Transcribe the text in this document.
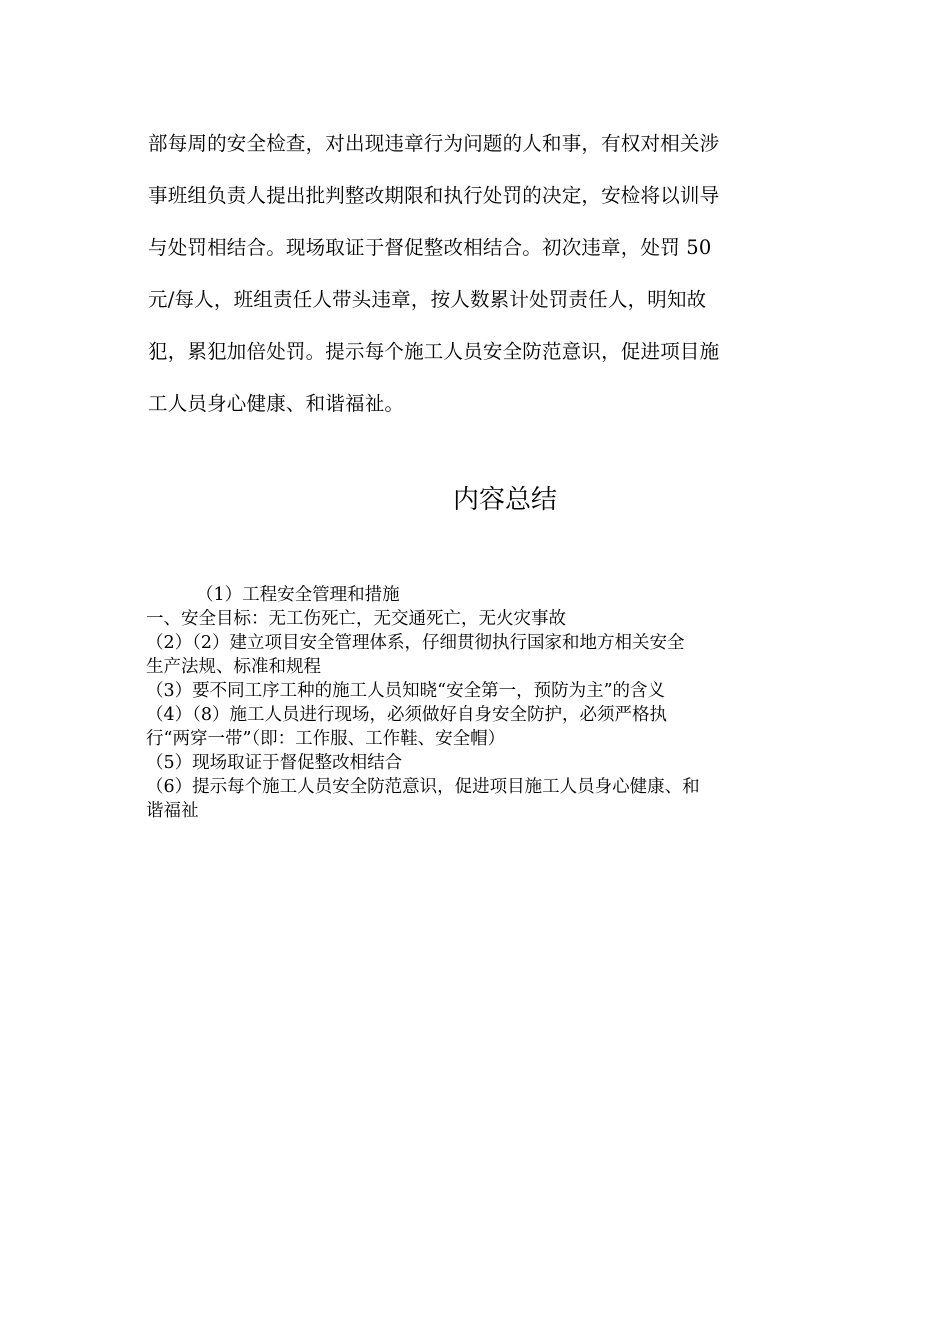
部每周的安全检查，对出现违章行为问题的人和事，有权对相关涉
事班组负责人提出批判整改期限和执行处罚的决定，安检将以训导
与处罚相结合。现场取证于督促整改相结合。初次违章，处罚 50
元/每人，班组责任人带头违章，按人数累计处罚责任人，明知故
犯，累犯加倍处罚。提示每个施工人员安全防范意识，促进项目施
工人员身心健康、和谐福祉。
内容总结
（1）工程安全管理和措施
一、安全目标：无工伤死亡，无交通死亡，无火灾事故
（2）（2）建立项目安全管理体系，仔细贯彻执行国家和地方相关安全
生产法规、标准和规程
（3）要不同工序工种的施工人员知晓“安全第一，预防为主”的含义
（4）（8）施工人员进行现场，必须做好自身安全防护，必须严格执
行“两穿一带”（即：工作服、工作鞋、安全帽）
（5）现场取证于督促整改相结合
（6）提示每个施工人员安全防范意识，促进项目施工人员身心健康、和
谐福祉
